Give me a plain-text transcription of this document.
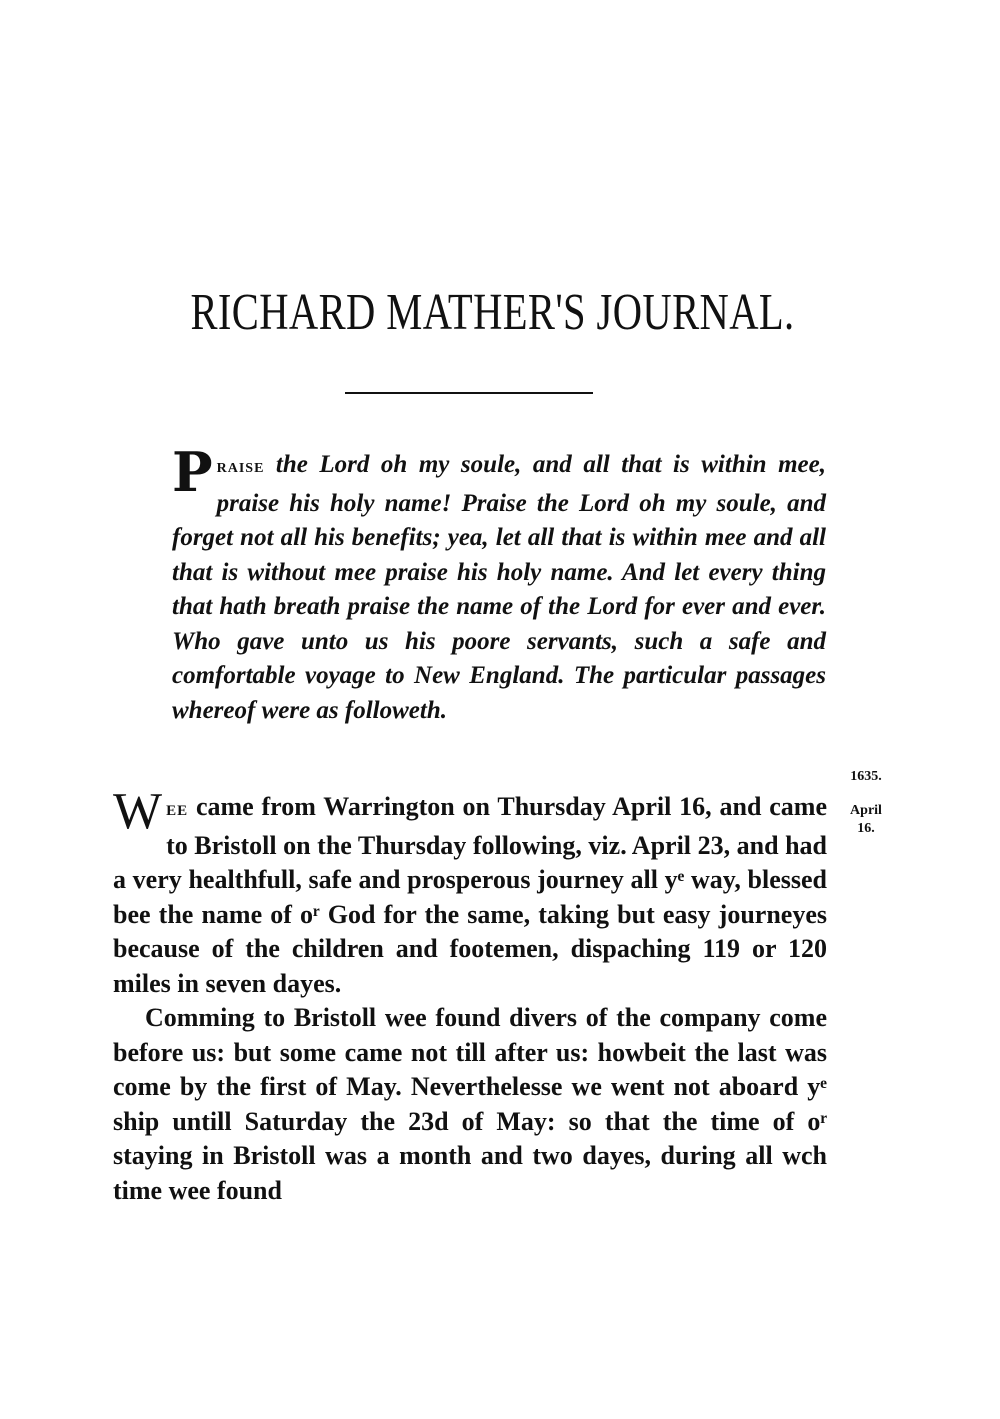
RICHARD MATHER'S JOURNAL.

PRAISE the Lord oh my soule, and all that is within mee, praise his holy name! Praise the Lord oh my soule, and forget not all his benefits; yea, let all that is within mee and all that is without mee praise his holy name. And let every thing that hath breath praise the name of the Lord for ever and ever. Who gave unto us his poore servants, such a safe and comfortable voyage to New England. The particular passages whereof were as followeth.

1635.
April
16.

WEE came from Warrington on Thursday April 16, and came to Bristoll on the Thursday following, viz. April 23, and had a very healthfull, safe and prosperous journey all yᵉ way, blessed bee the name of oʳ God for the same, taking but easy journeyes because of the children and footemen, dispaching 119 or 120 miles in seven dayes.

Comming to Bristoll wee found divers of the company come before us: but some came not till after us: howbeit the last was come by the first of May. Neverthelesse we went not aboard yᵉ ship untill Saturday the 23d of May: so that the time of oʳ staying in Bristoll was a month and two dayes, during all wch time wee found
